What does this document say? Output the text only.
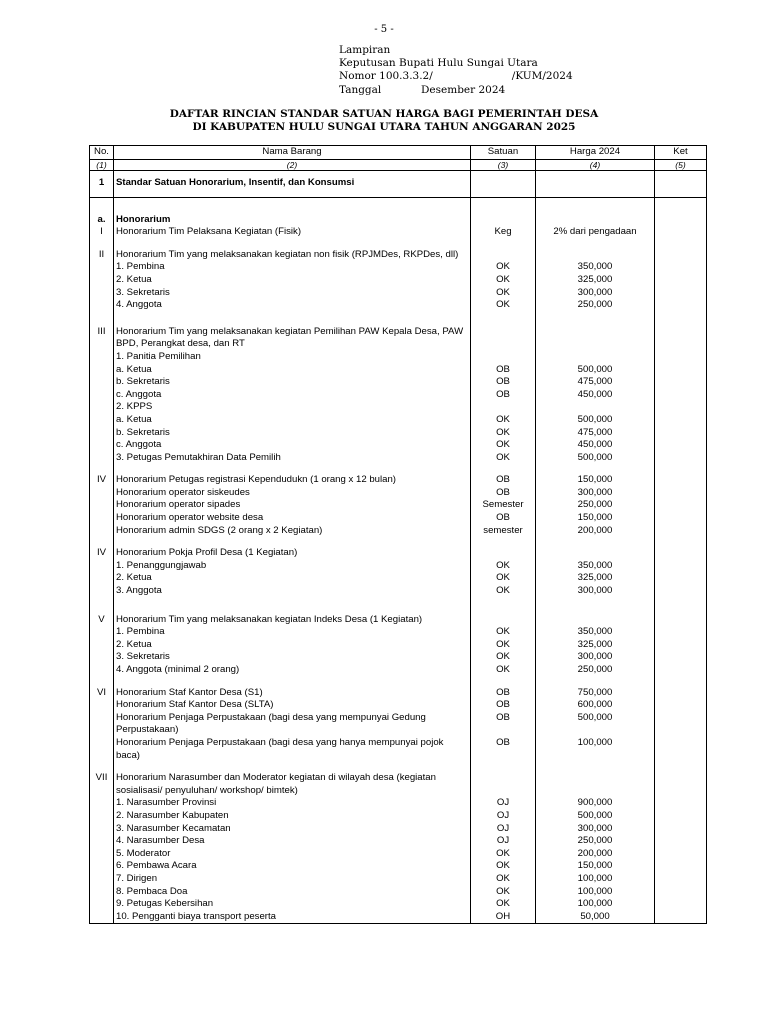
- 5 -
Lampiran
Keputusan Bupati Hulu Sungai Utara
Nomor 100.3.3.2/	/KUM/2024
Tanggal	Desember 2024
DAFTAR RINCIAN STANDAR SATUAN HARGA BAGI PEMERINTAH DESA
DI KABUPATEN HULU SUNGAI UTARA TAHUN ANGGARAN 2025
No.	Nama Barang	Satuan	Harga 2024	Ket
(1)	(2)	(3)	(4)	(5)
1	Standar Satuan Honorarium, Insentif, dan Konsumsi			

a.	Honorarium			
I	Honorarium Tim Pelaksana Kegiatan (Fisik)	Keg	2% dari pengadaan	

II	Honorarium Tim yang melaksanakan kegiatan non fisik (RPJMDes, RKPDes, dll)			
	1. Pembina	OK	350,000	
	2. Ketua	OK	325,000	
	3. Sekretaris	OK	300,000	
	4. Anggota	OK	250,000	

III	Honorarium Tim yang melaksanakan kegiatan Pemilihan PAW Kepala Desa, PAW BPD, Perangkat desa, dan RT			
	1. Panitia Pemilihan			
	a. Ketua	OB	500,000	
	b. Sekretaris	OB	475,000	
	c. Anggota	OB	450,000	
	2. KPPS			
	a. Ketua	OK	500,000	
	b. Sekretaris	OK	475,000	
	c. Anggota	OK	450,000	
	3. Petugas Pemutakhiran Data Pemilih	OK	500,000	

IV	Honorarium Petugas registrasi Kependudukn (1 orang x 12 bulan)	OB	150,000	
	Honorarium operator siskeudes	OB	300,000	
	Honorarium operator sipades	Semester	250,000	
	Honorarium operator website desa	OB	150,000	
	Honorarium admin SDGS (2 orang x 2 Kegiatan)	semester	200,000	

IV	Honorarium Pokja Profil Desa (1 Kegiatan)			
	1. Penanggungjawab	OK	350,000	
	2. Ketua	OK	325,000	
	3. Anggota	OK	300,000	

V	Honorarium Tim yang melaksanakan kegiatan Indeks Desa (1 Kegiatan)			
	1. Pembina	OK	350,000	
	2. Ketua	OK	325,000	
	3. Sekretaris	OK	300,000	
	4. Anggota (minimal 2 orang)	OK	250,000	

VI	Honorarium Staf Kantor Desa (S1)	OB	750,000	
	Honorarium Staf Kantor Desa (SLTA)	OB	600,000	
	Honorarium Penjaga Perpustakaan (bagi desa yang mempunyai Gedung Perpustakaan)	OB	500,000	
	Honorarium Penjaga Perpustakaan (bagi desa yang hanya mempunyai pojok baca)	OB	100,000	

VII	Honorarium Narasumber dan Moderator kegiatan di wilayah desa (kegiatan sosialisasi/ penyuluhan/ workshop/ bimtek)			
	1. Narasumber Provinsi	OJ	900,000	
	2. Narasumber Kabupaten	OJ	500,000	
	3. Narasumber Kecamatan	OJ	300,000	
	4. Narasumber Desa	OJ	250,000	
	5. Moderator	OK	200,000	
	6. Pembawa Acara	OK	150,000	
	7. Dirigen	OK	100,000	
	8. Pembaca Doa	OK	100,000	
	9. Petugas Kebersihan	OK	100,000	
	10. Pengganti biaya transport peserta	OH	50,000	
